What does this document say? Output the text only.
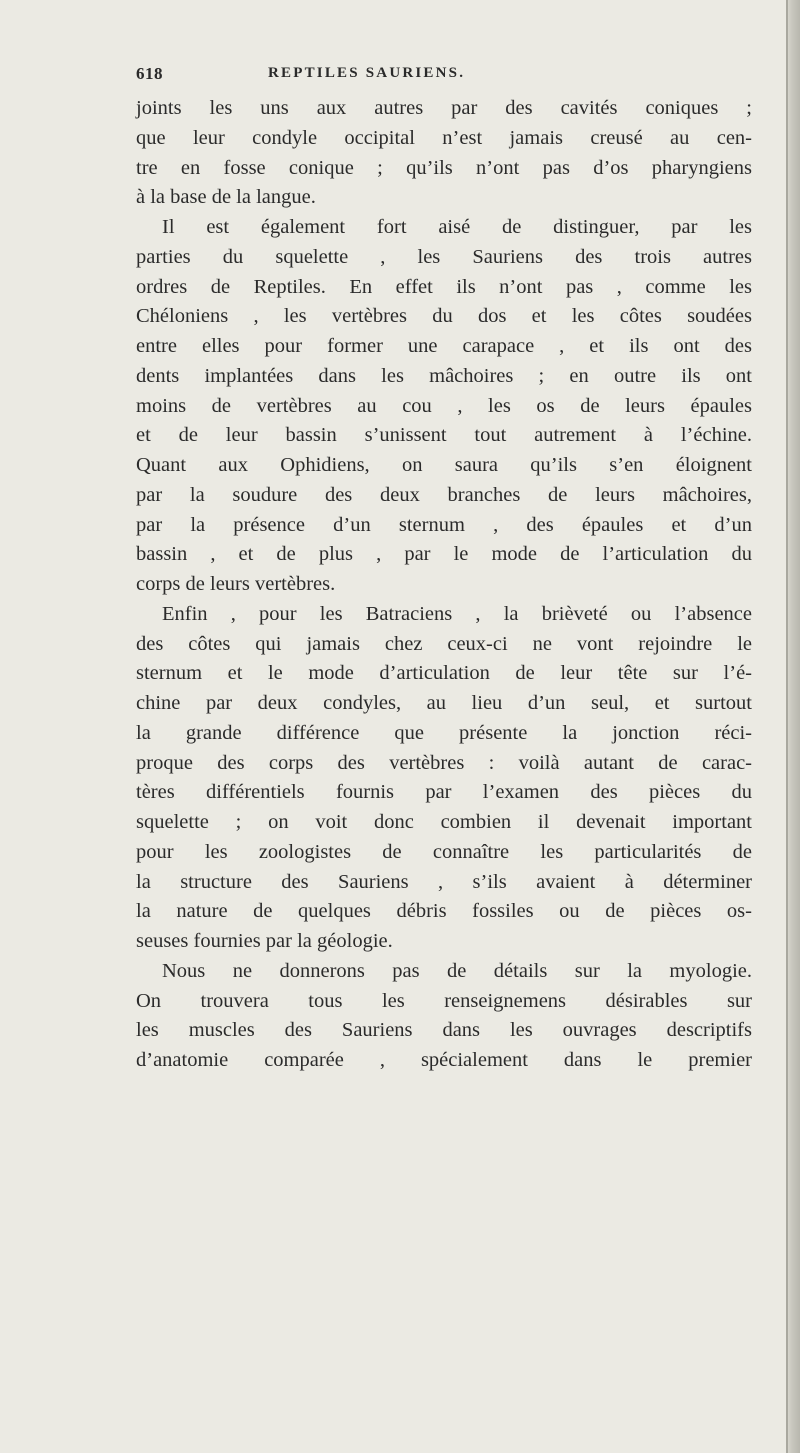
618	REPTILES SAURIENS.
joints les uns aux autres par des cavités coniques ;
que leur condyle occipital n’est jamais creusé au cen-
tre en fosse conique ; qu’ils n’ont pas d’os pharyngiens
à la base de la langue.
Il est également fort aisé de distinguer, par les
parties du squelette , les Sauriens des trois autres
ordres de Reptiles. En effet ils n’ont pas , comme les
Chéloniens , les vertèbres du dos et les côtes soudées
entre elles pour former une carapace , et ils ont des
dents implantées dans les mâchoires ; en outre ils ont
moins de vertèbres au cou , les os de leurs épaules
et de leur bassin s’unissent tout autrement à l’échine.
Quant aux Ophidiens, on saura qu’ils s’en éloignent
par la soudure des deux branches de leurs mâchoires,
par la présence d’un sternum , des épaules et d’un
bassin , et de plus , par le mode de l’articulation du
corps de leurs vertèbres.
Enfin , pour les Batraciens , la brièveté ou l’absence
des côtes qui jamais chez ceux-ci ne vont rejoindre le
sternum et le mode d’articulation de leur tête sur l’é-
chine par deux condyles, au lieu d’un seul, et surtout
la grande différence que présente la jonction réci-
proque des corps des vertèbres : voilà autant de carac-
tères différentiels fournis par l’examen des pièces du
squelette ; on voit donc combien il devenait important
pour les zoologistes de connaître les particularités de
la structure des Sauriens , s’ils avaient à déterminer
la nature de quelques débris fossiles ou de pièces os-
seuses fournies par la géologie.
Nous ne donnerons pas de détails sur la myologie.
On trouvera tous les renseignemens désirables sur
les muscles des Sauriens dans les ouvrages descriptifs
d’anatomie comparée , spécialement dans le premier
